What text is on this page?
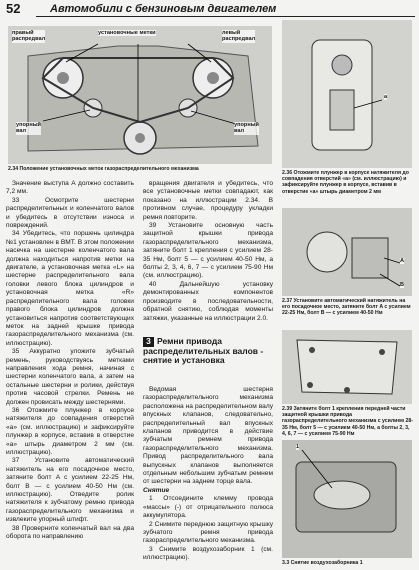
52	Автомобили с бензиновым двигателем
правый
распредвал
установочные метки	левый
распредвал
упорный
вал
упорный
вал
2.34 Положение установочных меток газораспределительного механизма
а
2.36 Отожмите плунжер в корпусе натяжителя до совпадения отверстий «а» (см. иллюстрацию) и зафиксируйте плунжер в корпусе, вставив в отверстие «а» штырь диаметром 2 мм
A
B
2.37 Установите автоматический натяжитель на его посадочное место, затяните болт A с усилием 22-25 Нм, болт B — с усилием 40-50 Нм
2.39 Затяните болт 1 крепления передней части защитной крышки привода газораспределительного механизма с усилием 28-35 Нм, болт 5 — с усилием 40-50 Нм, а болты 2, 3, 4, 6, 7 — с усилием 75-90 Нм
1
3.3 Снятие воздухозаборника 1

Значение выступа А должно составить 7,2 мм.

33 Осмотрите шестерни распределительных и коленчатого валов и убедитесь в отсутствии износа и повреждений.

34 Убедитесь, что поршень цилиндра №1 установлен в ВМТ. В этом положении насечка на шестерне коленчатого вала должна находиться напротив метки на двигателе, а установочная метка «L» на шестерне распределительного вала головки левого блока цилиндров и установочная метка «R» распределительного вала головки правого блока цилиндров должна установиться напротив соответствующих меток на задней крышке привода газораспределительного механизма (см. иллюстрацию).

35 Аккуратно уложите зубчатый ремень, руководствуясь метками направления хода ремня, начиная с шестерни коленчатого вала, а затем на остальные шестерни и ролики, действуя против часовой стрелки. Ремень не должен провисать между шестернями.

36 Отожмите плунжер в корпусе натяжителя до совпадения отверстий «а» (см. иллюстрацию) и зафиксируйте плунжер в корпусе, вставив в отверстие «а» штырь диаметром 2 мм (см. иллюстрацию).

37 Установите автоматический натяжитель на его посадочное место, затяните болт A с усилием 22-25 Нм, болт B — с усилием 40-50 Нм (см. иллюстрацию). Отведите ролик натяжителя к зубчатому ремню привода газораспределительного механизма и извлеките упорный штифт.

38 Проверните коленчатый вал на два оборота по направлению

вращения двигателя и убедитесь, что все установочные метки совпадают, как показано на иллюстрации 2.34. В противном случае, процедуру укладки ремня повторите.

39 Установите основную часть защитной крышки привода газораспределительного механизма, затяните болт 1 крепления с усилием 28-35 Нм, болт 5 — с усилием 40-50 Нм, а болты 2, 3, 4, 6, 7 — с усилием 75-90 Нм (см. иллюстрацию).

40 Дальнейшую установку демонтированных компонентов производите в последовательности, обратной снятию, соблюдая моменты затяжки, указанные на иллюстрации 2.0.

3 Ремни привода распределительных валов - снятие и установка

Ведомая шестерня газораспределительного механизма расположена на распределительном валу впускных клапанов, следовательно, распределительный вал впускных клапанов приводится в действие зубчатым ремнем привода газораспределительного механизма. Привод распределительного вала выпускных клапанов выполняется отдельным небольшим зубчатым ремнем от шестерни на заднем торце вала.

Снятие

1 Отсоедините клемму провода «массы» (-) от отрицательного полюса аккумулятора.

2 Снимите переднюю защитную крышку зубчатого ремня привода газораспределительного механизма.

3 Снимите воздухозаборник 1 (см. иллюстрацию).
